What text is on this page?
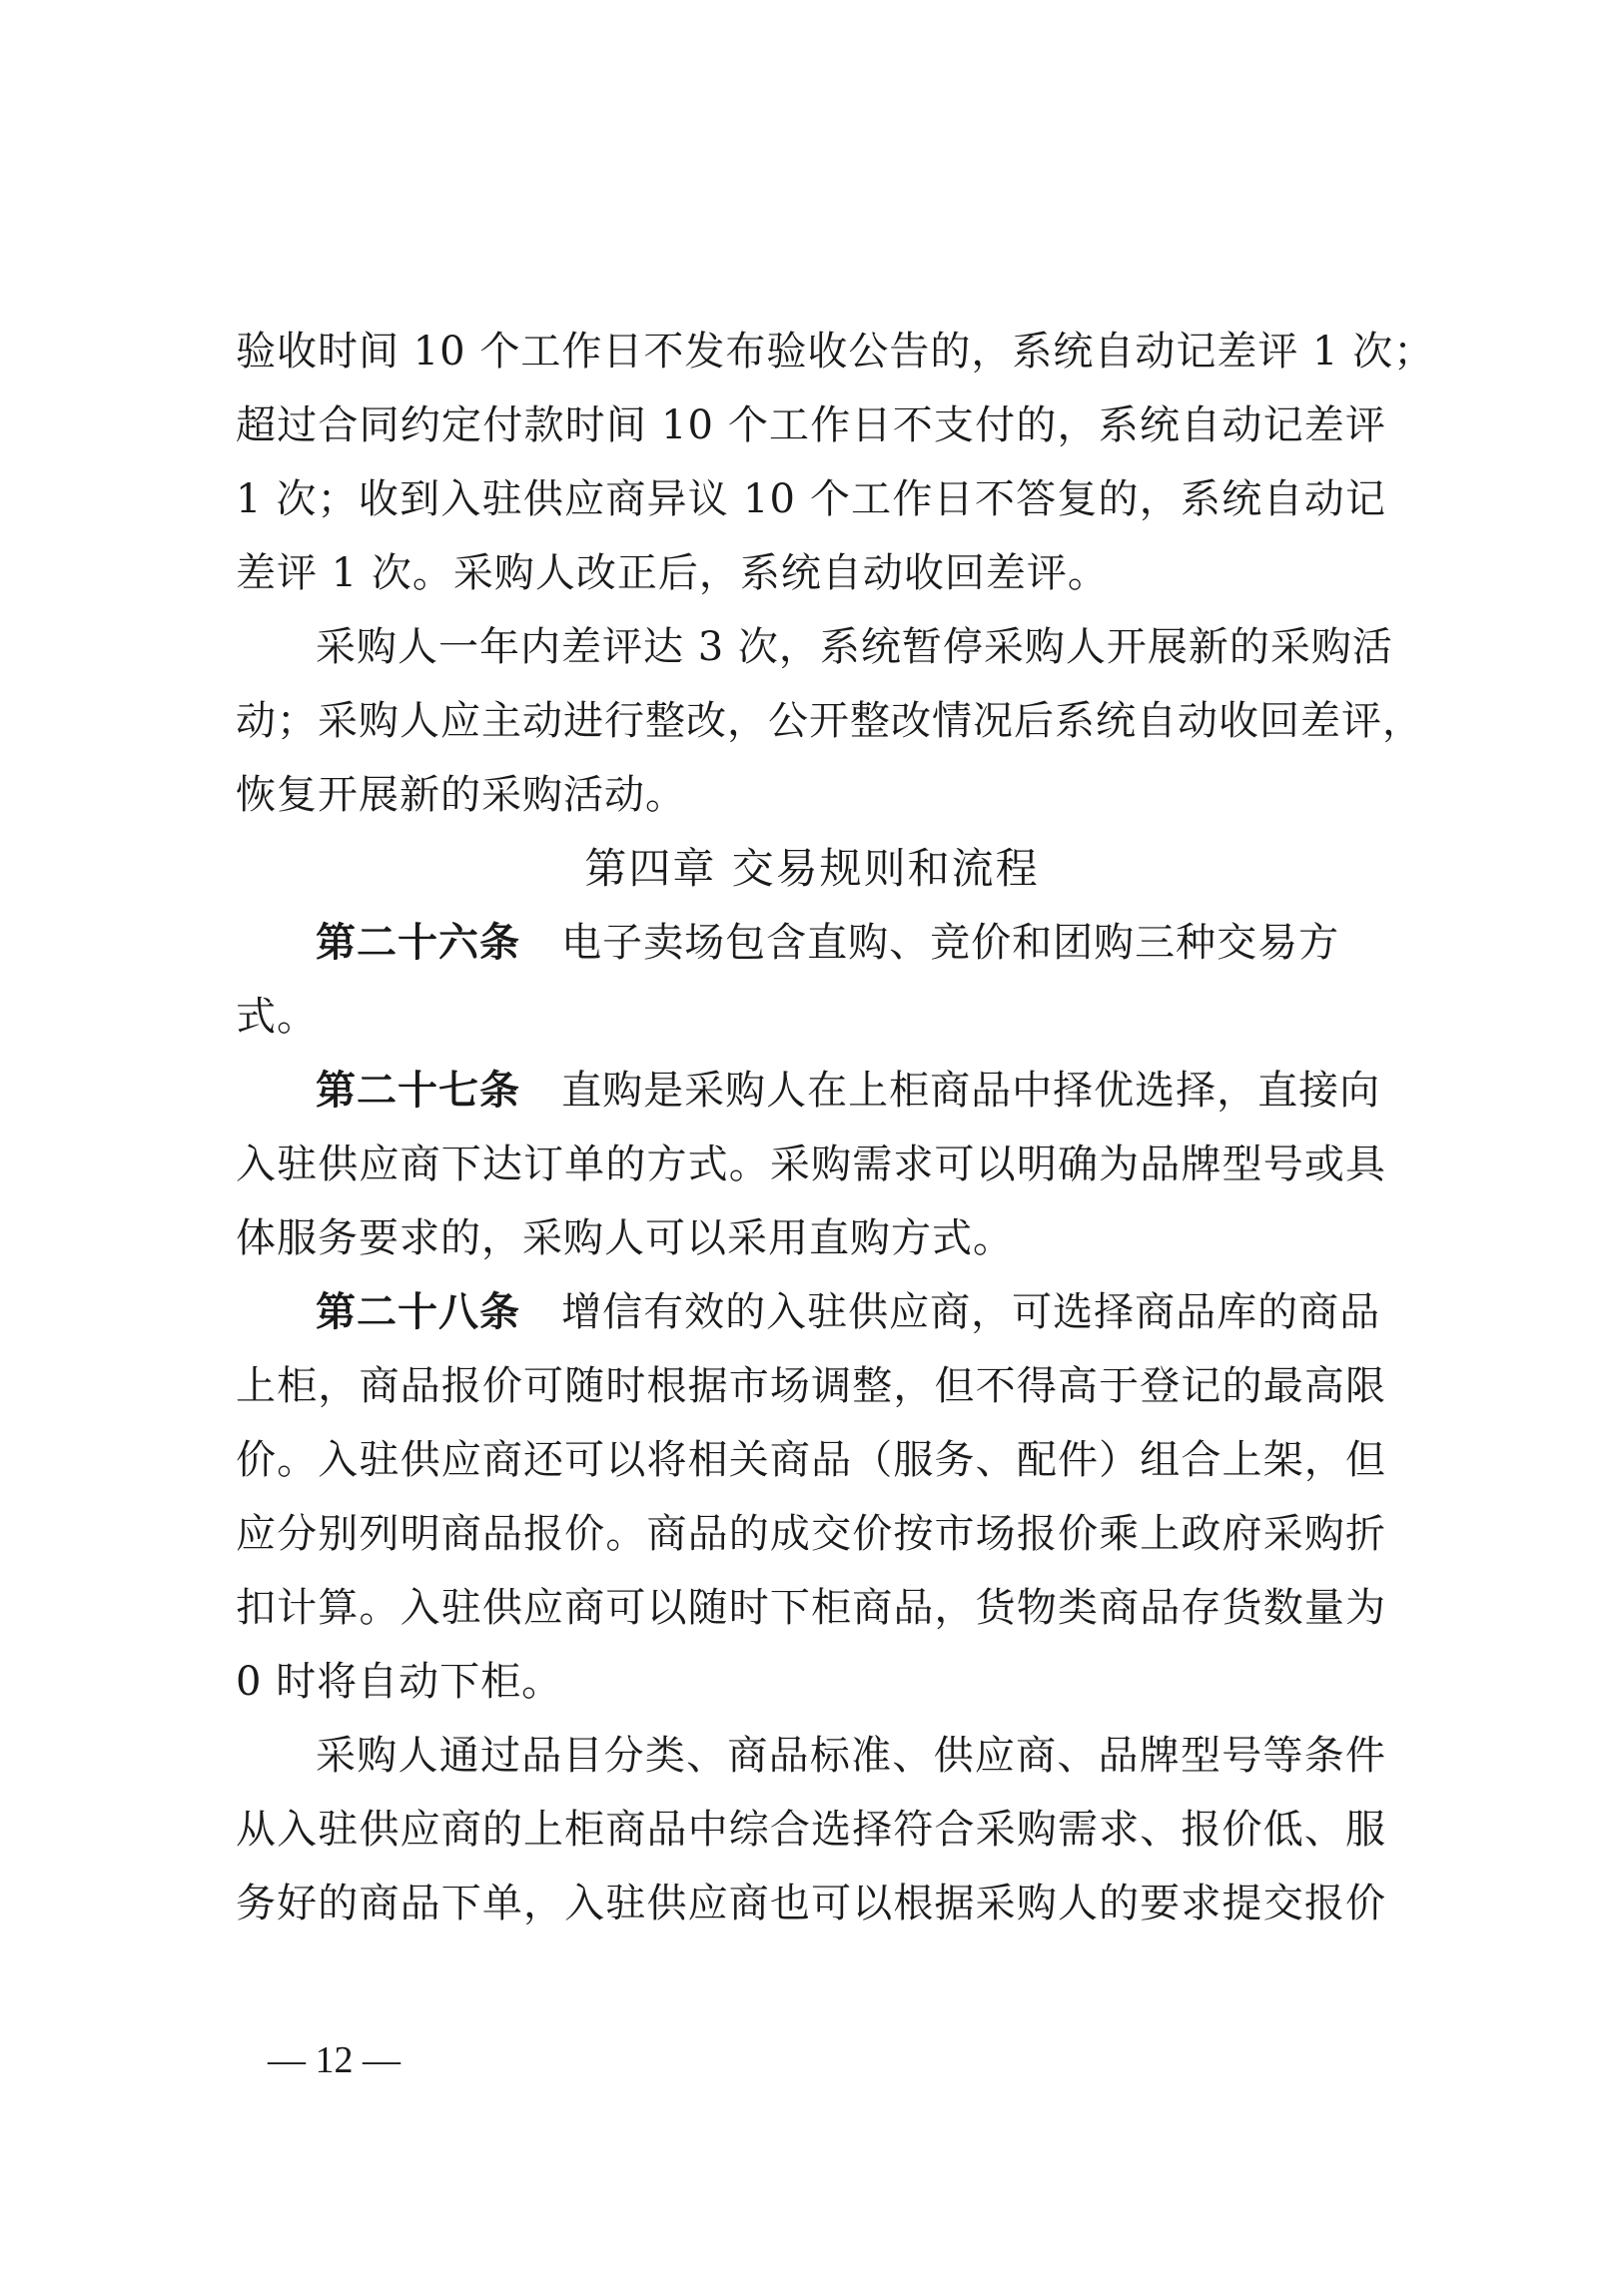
验收时间 10 个工作日不发布验收公告的，系统自动记差评 1 次；
超过合同约定付款时间 10 个工作日不支付的，系统自动记差评
1 次；收到入驻供应商异议 10 个工作日不答复的，系统自动记
差评 1 次。采购人改正后，系统自动收回差评。
采购人一年内差评达 3 次，系统暂停采购人开展新的采购活
动；采购人应主动进行整改，公开整改情况后系统自动收回差评，
恢复开展新的采购活动。
第四章 交易规则和流程
第二十六条 电子卖场包含直购、竞价和团购三种交易方
式。
第二十七条 直购是采购人在上柜商品中择优选择，直接向
入驻供应商下达订单的方式。采购需求可以明确为品牌型号或具
体服务要求的，采购人可以采用直购方式。
第二十八条 增信有效的入驻供应商，可选择商品库的商品
上柜，商品报价可随时根据市场调整，但不得高于登记的最高限
价。入驻供应商还可以将相关商品（服务、配件）组合上架，但
应分别列明商品报价。商品的成交价按市场报价乘上政府采购折
扣计算。入驻供应商可以随时下柜商品，货物类商品存货数量为
0 时将自动下柜。
采购人通过品目分类、商品标准、供应商、品牌型号等条件
从入驻供应商的上柜商品中综合选择符合采购需求、报价低、服
务好的商品下单，入驻供应商也可以根据采购人的要求提交报价
— 12 —
